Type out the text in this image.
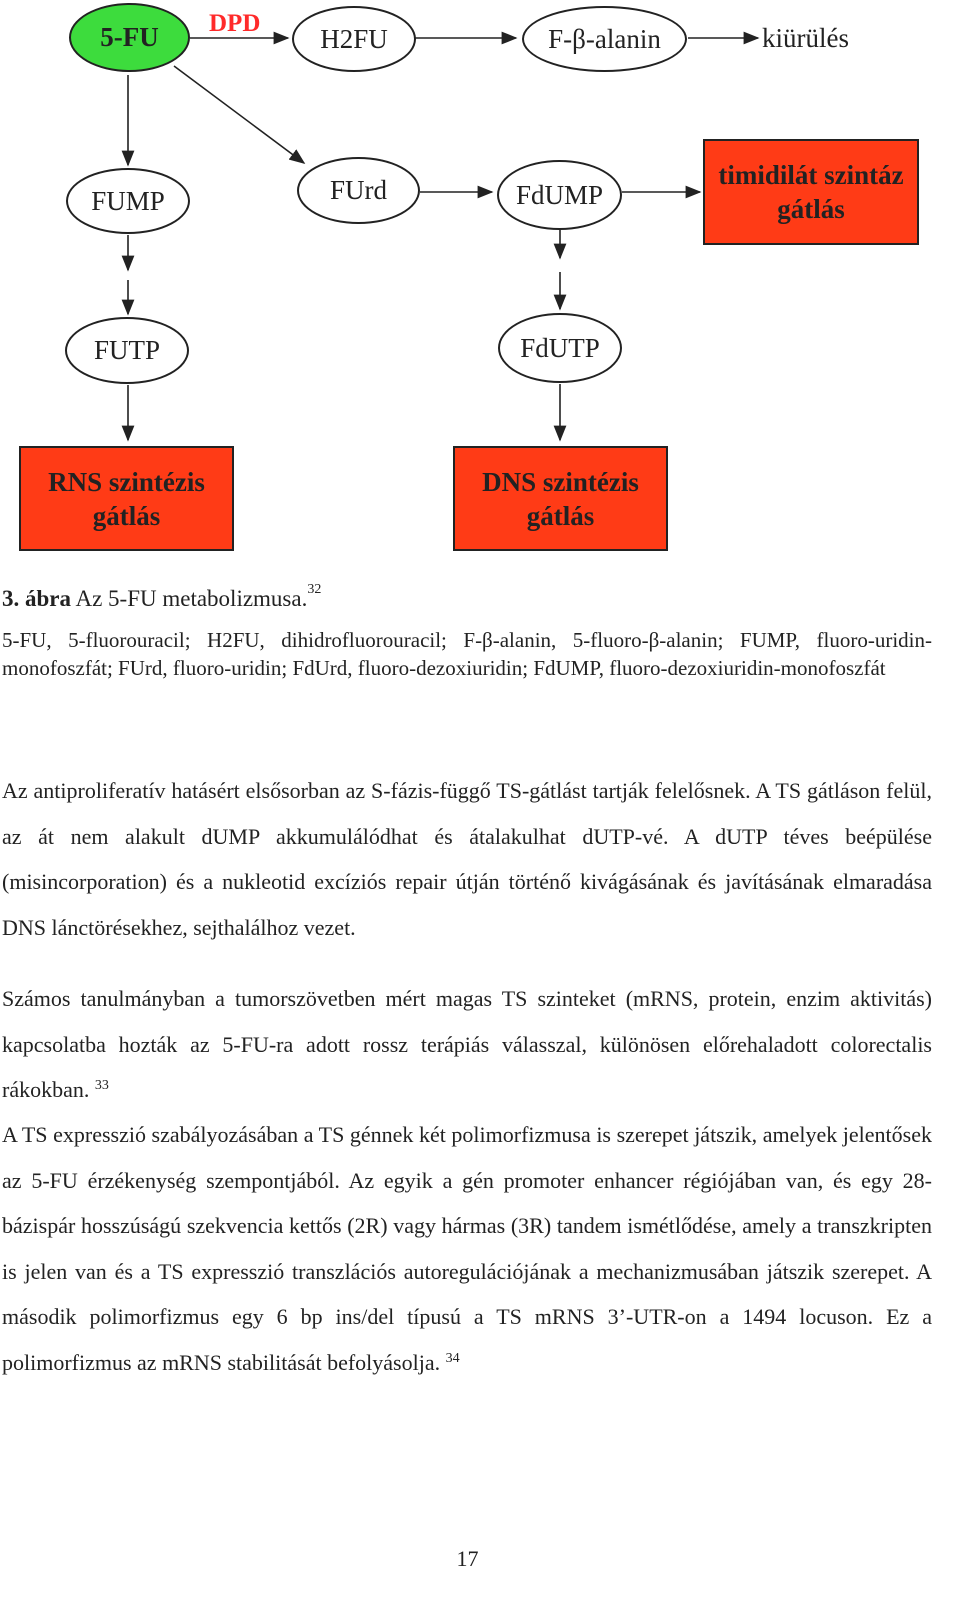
5-FU	DPD	H2FU	F-β-alanin	kiürülés
FUMP	FUrd	FdUMP
timidilát szintáz gátlás
FUTP	FdUTP
RNS szintézis gátlás
DNS szintézis gátlás
3. ábra Az 5-FU metabolizmusa.$^{32}$
5-FU, 5-fluorouracil; H2FU, dihidrofluorouracil; F-β-alanin, 5-fluoro-β-alanin; FUMP, fluoro-uridin-monofoszfát; FUrd, fluoro-uridin; FdUrd, fluoro-dezoxiuridin; FdUMP, fluoro-dezoxiuridin-monofoszfát
Az antiproliferatív hatásért elsősorban az S-fázis-függő TS-gátlást tartják felelősnek. A TS gátláson felül, az át nem alakult dUMP akkumulálódhat és átalakulhat dUTP-vé. A dUTP téves beépülése (misincorporation) és a nukleotid excíziós repair útján történő kivágásának és javításának elmaradása DNS lánctörésekhez, sejthalálhoz vezet.
Számos tanulmányban a tumorszövetben mért magas TS szinteket (mRNS, protein, enzim aktivitás) kapcsolatba hozták az 5-FU-ra adott rossz terápiás válasszal, különösen előrehaladott colorectalis rákokban. $^{33}$
A TS expresszió szabályozásában a TS génnek két polimorfizmusa is szerepet játszik, amelyek jelentősek az 5-FU érzékenység szempontjából. Az egyik a gén promoter enhancer régiójában van, és egy 28-bázispár hosszúságú szekvencia kettős (2R) vagy hármas (3R) tandem ismétlődése, amely a transzkripten is jelen van és a TS expresszió transzlációs autoregulációjának a mechanizmusában játszik szerepet. A második polimorfizmus egy 6 bp ins/del típusú a TS mRNS 3’-UTR-on a 1494 locuson. Ez a polimorfizmus az mRNS stabilitását befolyásolja. $^{34}$
17
